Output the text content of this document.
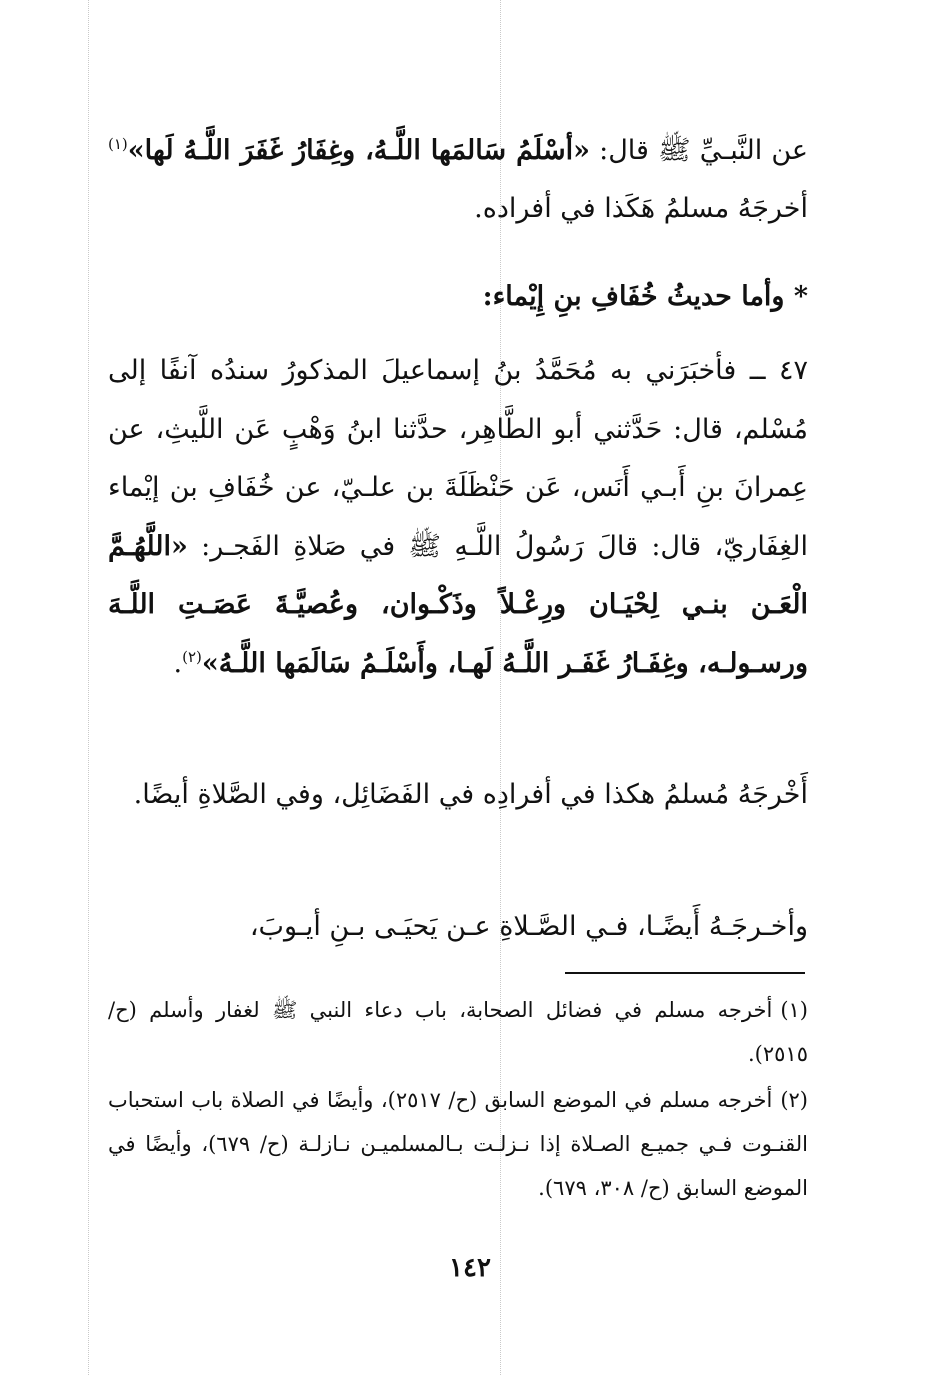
عن النَّبـيِّ ﷺ قال: «أسْلَمُ سَالمَها اللَّـهُ، وغِفَارُ غَفَرَ اللَّـهُ لَها»$^{(١)}$ أخرجَهُ مسلمُ هَكَذا في أفراده.

* وأما حديثُ خُفَافِ بنِ إِيْماء:

٤٧ ــ فأخبَرَني به مُحَمَّدُ بنُ إسماعيلَ المذكورُ سندُه آنفًا إلى مُسْلم، قال: حَدَّثني أبو الطَّاهِر، حدَّثنا ابنُ وَهْبٍ عَن اللَّيثِ، عن عِمرانَ بنِ أَبـي أَنَس، عَن حَنْظَلَةَ بن علـيّ، عن خُفَافِ بن إيْماء الغِفَاريّ، قال: قالَ رَسُولُ اللَّـهِ ﷺ في صَلاةِ الفَجـر: «اللَّهُـمَّ الْعَـن بنـي لِحْيَـان ورِعْـلاً وذَكْـوان، وعُصيَّـةَ عَصَـتِ اللَّـهَ ورسـولـه، وغِفَـارُ غَفَـر اللَّـهُ لَهـا، وأَسْلَـمُ سَالَمَها اللَّـهُ»$^{(٢)}$.

أَخْرجَهُ مُسلمُ هكذا في أفرادِه في الفَضَائِل، وفي الصَّلاةِ أيضًا.

وأخـرجَـهُ أَيضًـا، فـي الصَّـلاةِ عـن يَحيَـى بـنِ أيـوبَ،

(١)أخرجه مسلم في فضائل الصحابة، باب دعاء النبي ﷺ لغفار وأسلم (ح/ ٢٥١٥).

(٢)أخرجه مسلم في الموضع السابق (ح/ ٢٥١٧)، وأيضًا في الصلاة باب استحباب القنـوت فـي جميـع الصـلاة إذا نـزلـت بـالمسلميـن نـازلـة (ح/ ٦٧٩)، وأيضًا في الموضع السابق (ح/ ٣٠٨، ٦٧٩).

١٤٢
